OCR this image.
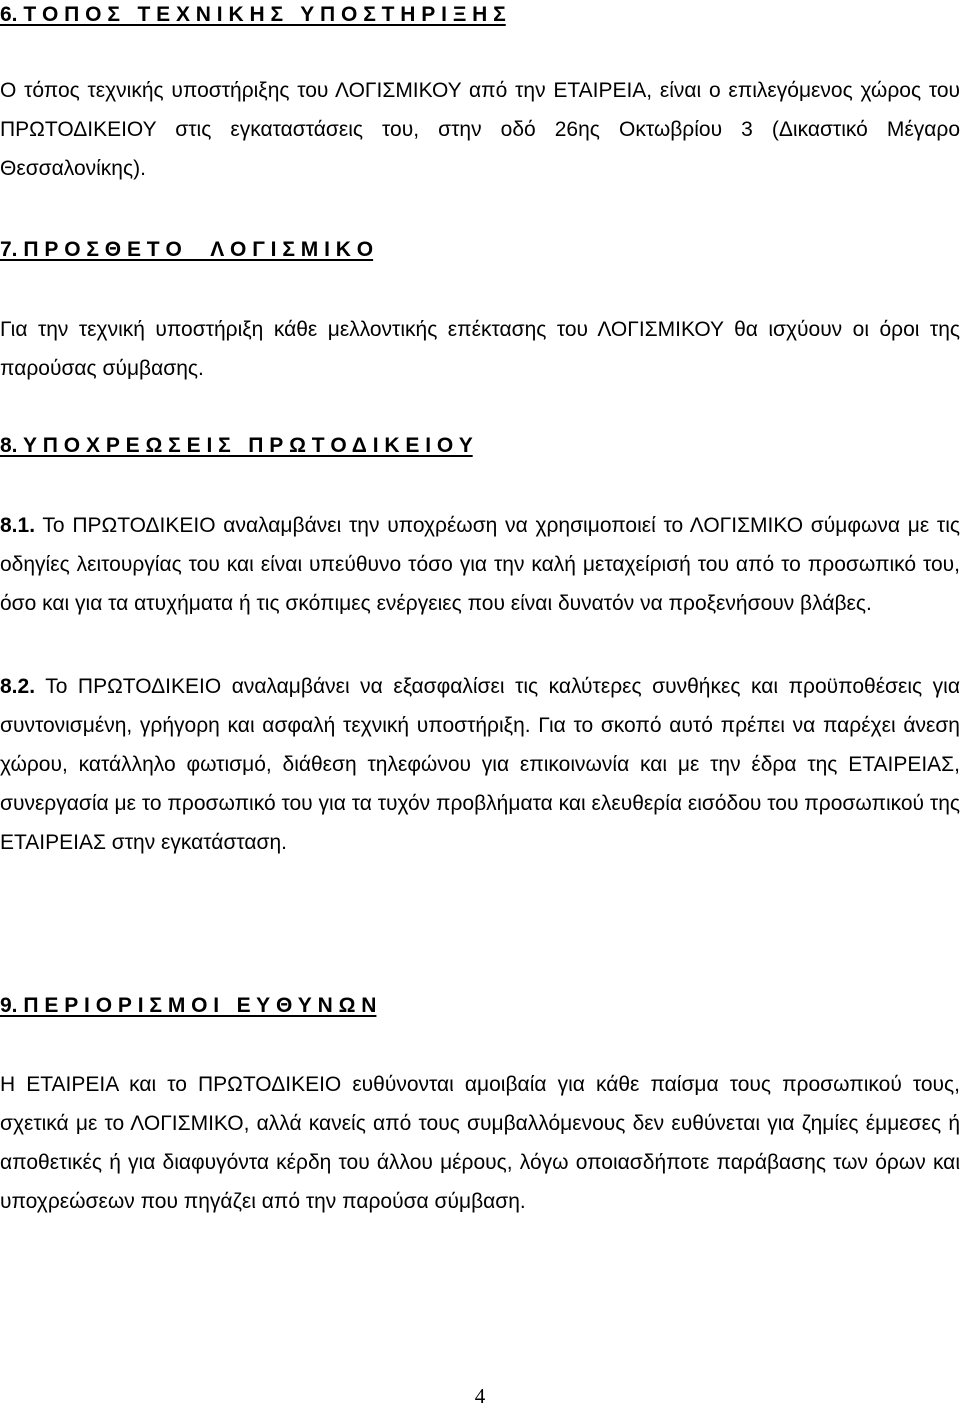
6. Τ Ο Π Ο Σ   Τ Ε Χ Ν Ι Κ Η Σ   Υ Π Ο Σ Τ Η Ρ Ι Ξ Η Σ

Ο τόπος τεχνικής υποστήριξης του ΛΟΓΙΣΜΙΚΟΥ από την ΕΤΑΙΡΕΙΑ, είναι ο επιλεγόμενος χώρος του ΠΡΩΤΟΔΙΚΕΙΟΥ στις εγκαταστάσεις του, στην οδό 26ης Οκτωβρίου 3 (Δικαστικό Μέγαρο Θεσσαλονίκης).

7. Π Ρ Ο Σ Θ Ε Τ Ο     Λ Ο Γ Ι Σ Μ Ι Κ Ο

Για την τεχνική υποστήριξη κάθε μελλοντικής επέκτασης του ΛΟΓΙΣΜΙΚΟΥ θα ισχύουν οι όροι της παρούσας σύμβασης.

8. Υ Π Ο Χ Ρ Ε Ω Σ Ε Ι Σ   Π Ρ Ω Τ Ο Δ Ι Κ Ε Ι Ο Υ

8.1. Το ΠΡΩΤΟΔΙΚΕΙΟ αναλαμβάνει την υποχρέωση να χρησιμοποιεί το ΛΟΓΙΣΜΙΚΟ σύμφωνα με τις οδηγίες λειτουργίας του και είναι υπεύθυνο τόσο για την καλή μεταχείρισή του από το προσωπικό του, όσο και για τα ατυχήματα ή τις σκόπιμες ενέργειες που είναι δυνατόν να προξενήσουν βλάβες.

8.2. Το ΠΡΩΤΟΔΙΚΕΙΟ αναλαμβάνει να εξασφαλίσει τις καλύτερες συνθήκες και προϋποθέσεις για συντονισμένη, γρήγορη και ασφαλή τεχνική υποστήριξη. Για το σκοπό αυτό πρέπει να παρέχει άνεση χώρου, κατάλληλο φωτισμό, διάθεση τηλεφώνου για επικοινωνία και με την έδρα της ΕΤΑΙΡΕΙΑΣ, συνεργασία με το προσωπικό του για τα τυχόν προβλήματα και ελευθερία εισόδου του προσωπικού της ΕΤΑΙΡΕΙΑΣ στην εγκατάσταση.

9. Π Ε Ρ Ι Ο Ρ Ι Σ Μ Ο Ι   Ε Υ Θ Υ Ν Ω Ν

Η ΕΤΑΙΡΕΙΑ και το ΠΡΩΤΟΔΙΚΕΙΟ ευθύνονται αμοιβαία για κάθε παίσμα τους προσωπικού τους, σχετικά με το ΛΟΓΙΣΜΙΚΟ, αλλά κανείς από τους συμβαλλόμενους δεν ευθύνεται για ζημίες έμμεσες ή αποθετικές ή για διαφυγόντα κέρδη του άλλου μέρους, λόγω οποιασδήποτε παράβασης των όρων και υποχρεώσεων που πηγάζει από την παρούσα σύμβαση.

4
